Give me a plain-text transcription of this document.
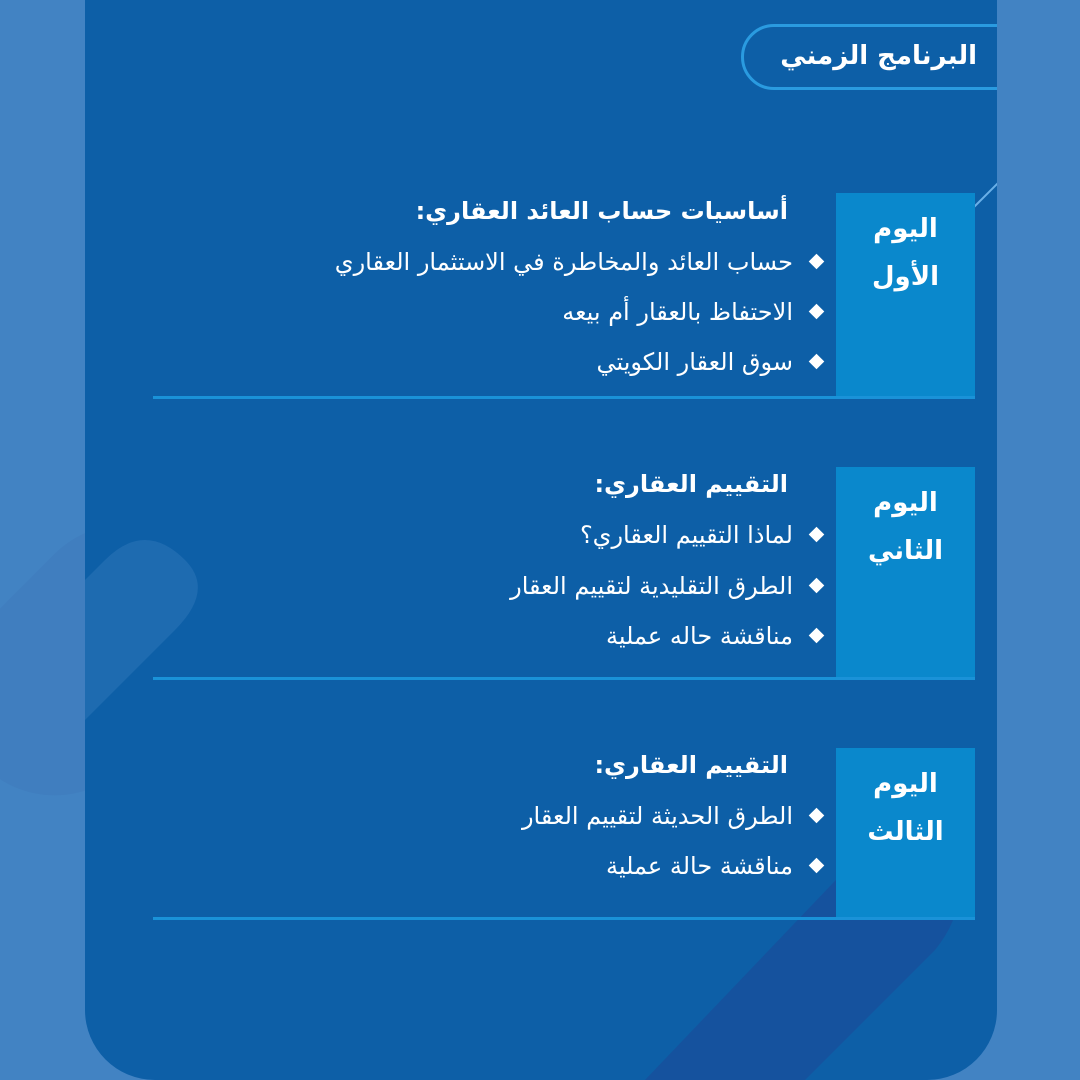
البرنامج الزمني
اليوم
الأول
أساسيات حساب العائد العقاري:
حساب العائد والمخاطرة في الاستثمار العقاري
الاحتفاظ بالعقار أم بيعه
سوق العقار الكويتي
اليوم
الثاني
التقييم العقاري:
لماذا التقييم العقاري؟
الطرق التقليدية لتقييم العقار
مناقشة حاله عملية
اليوم
الثالث
التقييم العقاري:
الطرق الحديثة لتقييم العقار
مناقشة حالة عملية
